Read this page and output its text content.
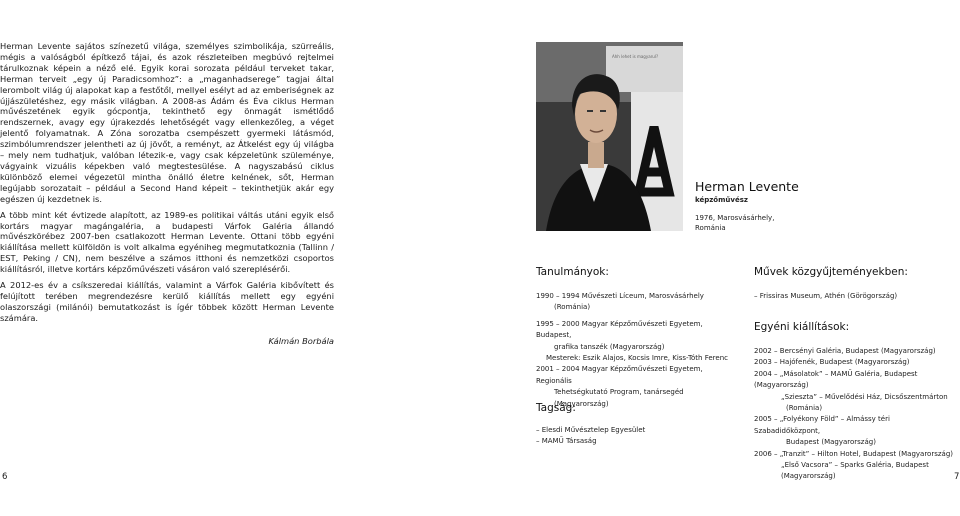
Herman Levente sajátos színezetű világa, személyes szimbolikája, szürreális, mégis a valóságból építkező tájai, és azok részleteiben megbúvó rejtelmei tárulkoznak képein a néző elé. Egyik korai sorozata például terveket takar, Herman terveit „egy új Paradicsomhoz”: a „maganhadserege” tagjai által lerombolt világ új alapokat kap a festőtől, mellyel esélyt ad az emberiségnek az újjászületéshez, egy másik világban. A 2008-as Ádám és Éva ciklus Herman művészetének egyik gócpontja, tekinthető egy önmagát ismétlődő rendszernek, avagy egy újrakezdés lehetőségét vagy ellenkezőleg, a véget jelentő folyamatnak. A Zóna sorozatba csempészett gyermeki látásmód, szimbólumrendszer jelentheti az új jövőt, a reményt, az Átkelést egy új világba – mely nem tudhatjuk, valóban létezik-e, vagy csak képzeletünk szüleménye, vágyaink vizuális képekben való megtestesülése. A nagyszabású ciklus különböző elemei végezetül mintha önálló életre kelnének, sőt, Herman legújabb sorozatait – például a Second Hand képeit – tekinthetjük akár egy egészen új kezdetnek is.

A több mint két évtizede alapított, az 1989-es politikai váltás utáni egyik első kortárs magyar magángaléria, a budapesti Várfok Galéria állandó művészkörébez 2007-ben csatlakozott Herman Levente. Ottani több egyéni kiállítása mellett külföldön is volt alkalma egyéniheg megmutatkoznia (Tallinn / EST, Peking / CN), nem beszélve a számos itthoni és nemzetközi csoportos kiállításról, illetve kortárs képzőművészeti vásáron való szereplésérői.

A 2012-es év a csíkszeredai kiállítás, valamint a Várfok Galéria kibővített és felújított terében megrendezésre kerülő kiállítás mellett egy egyéni olaszországi (milánói) bemutatkozást is ígér többek között Herman Levente számára.

Kálmán Borbála

6
Ahh lehet is magyarul?
Herman Levente
képzőművész
1976, Marosvásárhely,
Románia
Tanulmányok:
1990 – 1994 Művészeti Líceum, Marosvásárhely
(Románia)
1995 – 2000 Magyar Képzőművészeti Egyetem, Budapest,
grafika tanszék (Magyarország)
Mesterek: Eszik Alajos, Kocsis Imre, Kiss-Tóth Ferenc
2001 – 2004 Magyar Képzőművészeti Egyetem, Regionális
Tehetségkutató Program, tanársegéd
(Magyarország)
Tagság:
– Elesdi Művésztelep Egyesület
– MAMŰ Társaság
Művek közgyűjteményekben:
– Frissiras Museum, Athén (Görögország)
Egyéni kiállítások:
2002 – Bercsényi Galéria, Budapest (Magyarország)
2003 – Hajófenék, Budapest (Magyarország)
2004 – „Másolatok” – MAMŰ Galéria, Budapest (Magyarország)
„Szieszta” – Művelődési Ház, Dicsőszentmárton
(Románia)
2005 – „Folyékony Föld” – Almássy téri Szabadidőközpont,
Budapest (Magyarország)
2006 – „Tranzit” – Hilton Hotel, Budapest (Magyarország)
„Első Vacsora” – Sparks Galéria, Budapest (Magyarország)	7
